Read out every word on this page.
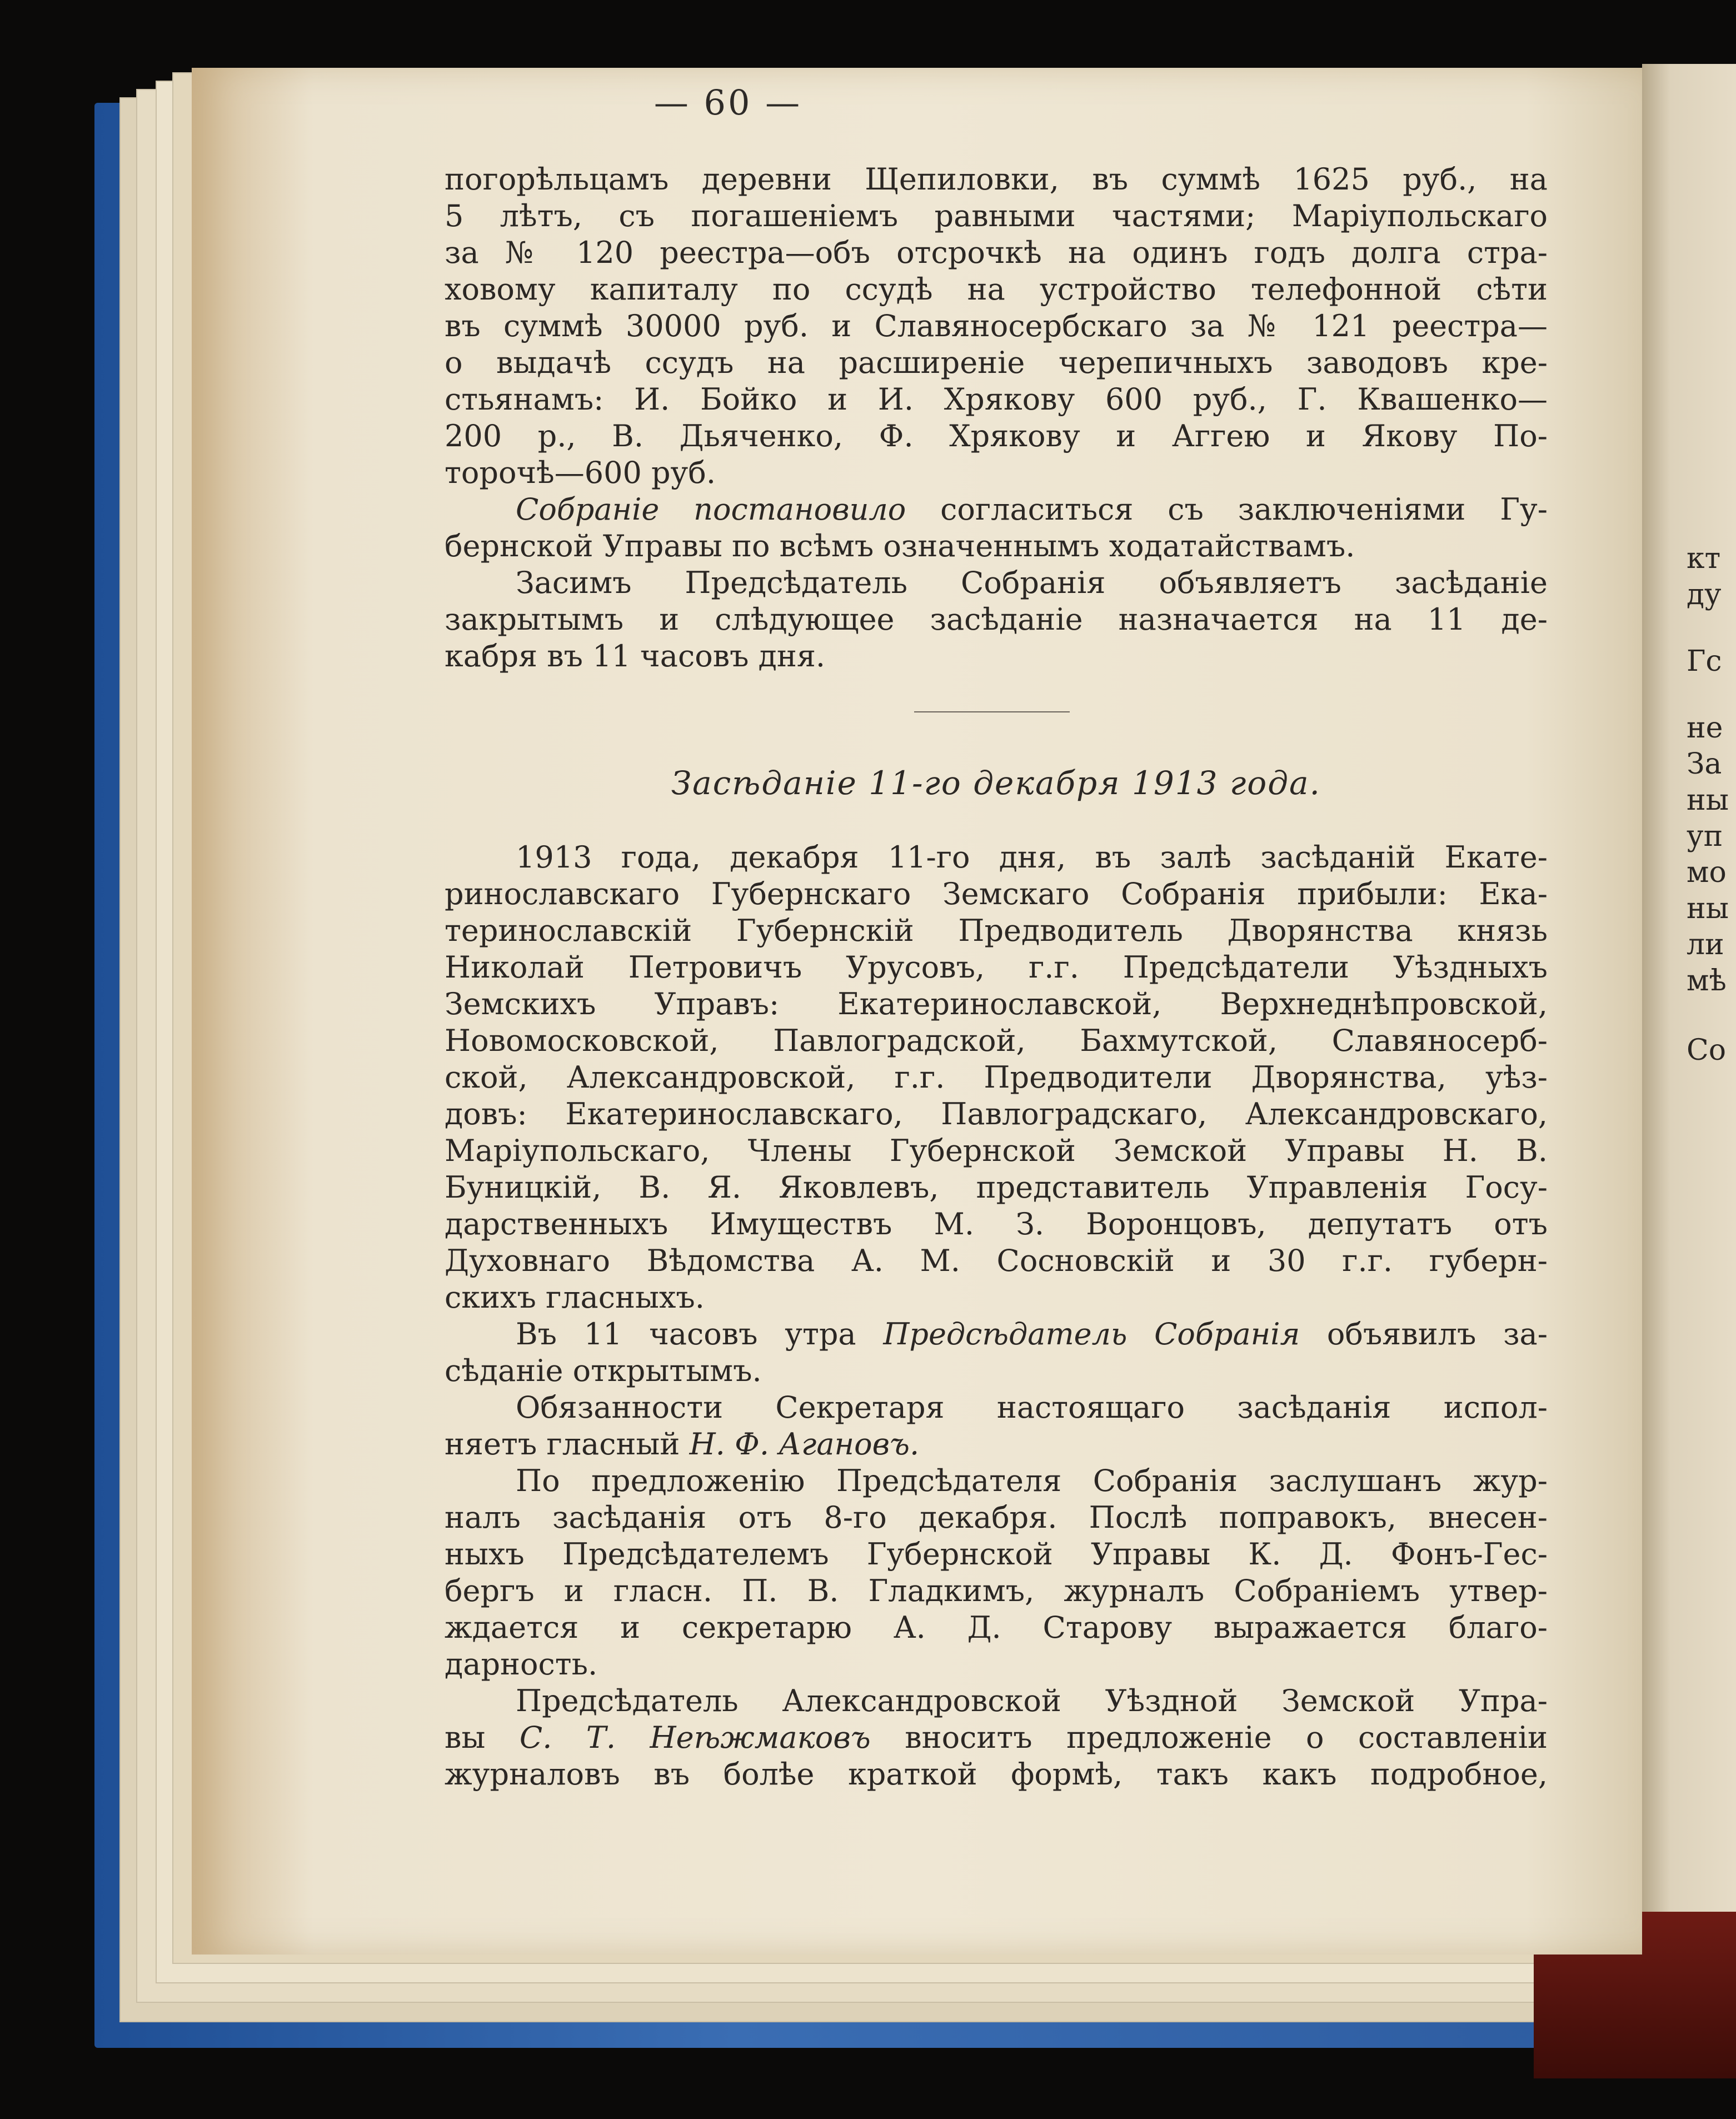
— 60 —
погорѣльцамъ деревни Щепиловки, въ суммѣ 1625 руб., на
5 лѣтъ, съ погашеніемъ равными частями; Маріупольскаго
за № 120 реестра—объ отсрочкѣ на одинъ годъ долга стра-
ховому капиталу по ссудѣ на устройство телефонной сѣти
въ суммѣ 30000 руб. и Славяносербскаго за № 121 реестра—
о выдачѣ ссудъ на расширеніе черепичныхъ заводовъ кре-
стьянамъ: И. Бойко и И. Хрякову 600 руб., Г. Квашенко—
200 р., В. Дьяченко, Ф. Хрякову и Аггею и Якову По-
торочѣ—600 руб.
Собраніе постановило согласиться съ заключеніями Гу-
бернской Управы по всѣмъ означеннымъ ходатайствамъ.
Засимъ Предсѣдатель Собранія объявляетъ засѣданіе
закрытымъ и слѣдующее засѣданіе назначается на 11 де-
кабря въ 11 часовъ дня.
Засѣданіе 11-го декабря 1913 года.
1913 года, декабря 11-го дня, въ залѣ засѣданій Екате-
ринославскаго Губернскаго Земскаго Собранія прибыли: Ека-
теринославскій Губернскій Предводитель Дворянства князь
Николай Петровичъ Урусовъ, г.г. Предсѣдатели Уѣздныхъ
Земскихъ Управъ: Екатеринославской, Верхнеднѣпровской,
Новомосковской, Павлоградской, Бахмутской, Славяносерб-
ской, Александровской, г.г. Предводители Дворянства, уѣз-
довъ: Екатеринославскаго, Павлоградскаго, Александровскаго,
Маріупольскаго, Члены Губернской Земской Управы Н. В.
Буницкій, В. Я. Яковлевъ, представитель Управленія Госу-
дарственныхъ Имуществъ М. З. Воронцовъ, депутатъ отъ
Духовнаго Вѣдомства А. М. Сосновскій и 30 г.г. губерн-
скихъ гласныхъ.
Въ 11 часовъ утра Предсѣдатель Собранія объявилъ за-
сѣданіе открытымъ.
Обязанности Секретаря настоящаго засѣданія испол-
няетъ гласный Н. Ф. Агановъ.
По предложенію Предсѣдателя Собранія заслушанъ жур-
налъ засѣданія отъ 8-го декабря. Послѣ поправокъ, внесен-
ныхъ Предсѣдателемъ Губернской Управы К. Д. Фонъ-Гес-
бергъ и гласн. П. В. Гладкимъ, журналъ Собраніемъ утвер-
ждается и секретарю А. Д. Старову выражается благо-
дарность.
Предсѣдатель Александровской Уѣздной Земской Упра-
вы С. Т. Неѣжмаковъ вноситъ предложеніе о составленіи
журналовъ въ болѣе краткой формѣ, такъ какъ подробное,
кт
ду
Гс
не
За
ны
уп
мо
ны
ли
мѣ
Со
